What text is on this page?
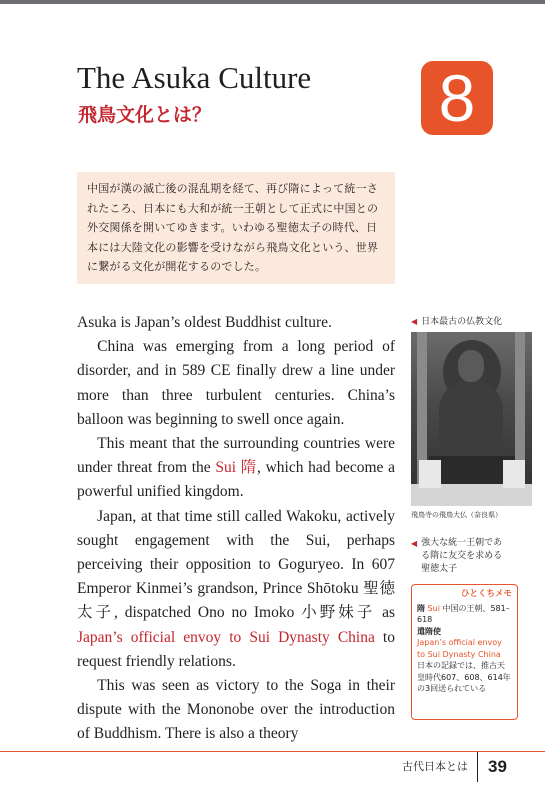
The Asuka Culture
飛鳥文化とは？	8
中国が漢の滅亡後の混乱期を経て、再び隋によって統一されたころ、日本にも大和が統一王朝として正式に中国との外交関係を開いてゆきます。いわゆる聖徳太子の時代、日本には大陸文化の影響を受けながら飛鳥文化という、世界に繋がる文化が開花するのでした。

Asuka is Japan’s oldest Buddhist culture.

China was emerging from a long period of disorder, and in 589 CE finally drew a line under more than three turbulent centuries. China’s balloon was beginning to swell once again.

This meant that the surrounding countries were under threat from the Sui 隋, which had become a powerful unified kingdom.

Japan, at that time still called Wakoku, actively sought engagement with the Sui, perhaps perceiving their opposition to Goguryeo. In 607 Emperor Kinmei’s grandson, Prince Shōtoku 聖徳太子, dispatched Ono no Imoko 小野妹子 as Japan’s official envoy to Sui Dynasty China to request friendly relations.

This was seen as victory to the Soga in their dispute with the Mononobe over the introduction of Buddhism. There is also a theory

◀ 日本最古の仏教文化
飛鳥寺の飛鳥大仏（奈良県）
◀ 強大な統一王朝である隋に友交を求める聖徳太子
ひとくちメモ
隋 Sui 中国の王朝、581–618
遣隋使
Japan’s official envoy to Sui Dynasty China
日本の記録では、推古天皇時代607、608、614年の3回送られている
古代日本とは 39
